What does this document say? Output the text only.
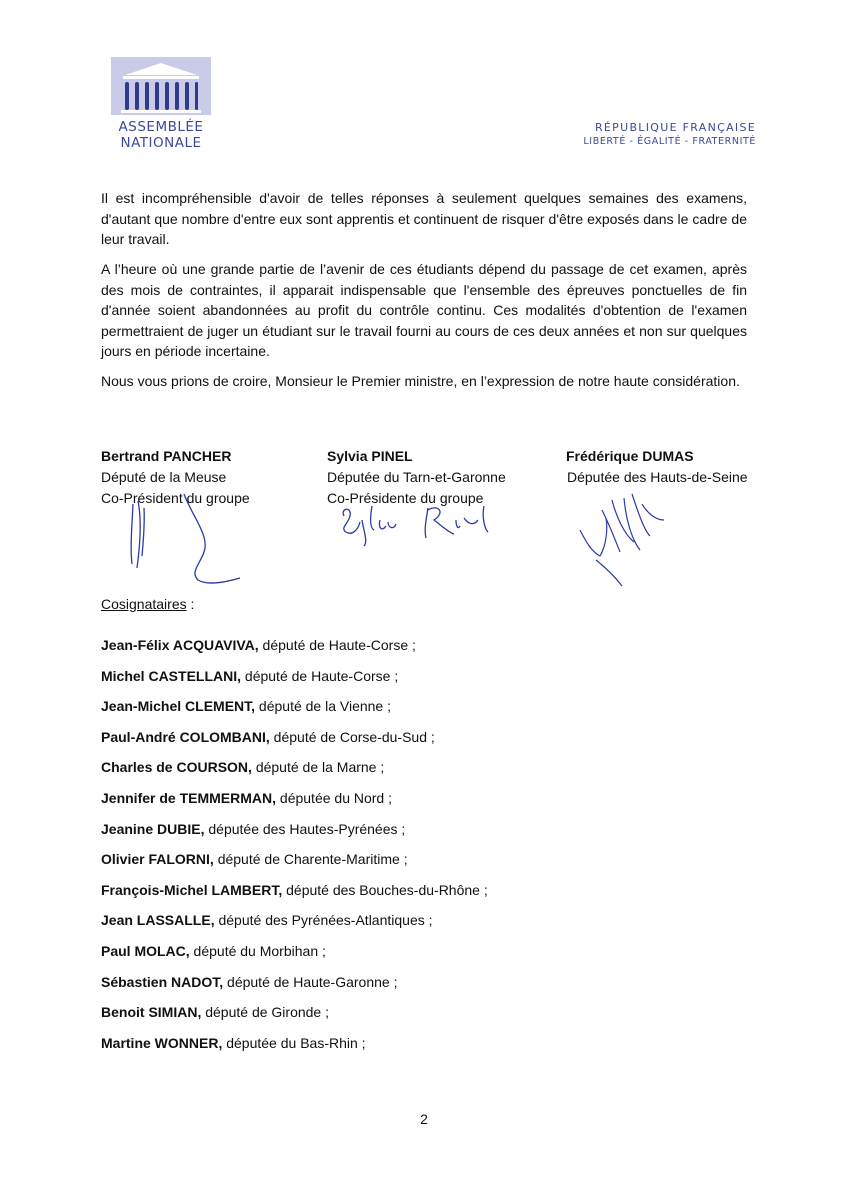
ASSEMBLÉE
NATIONALE
RÉPUBLIQUE FRANÇAISE
LIBERTÉ - ÉGALITÉ - FRATERNITÉ

Il est incompréhensible d'avoir de telles réponses à seulement quelques semaines des examens, d'autant que nombre d'entre eux sont apprentis et continuent de risquer d'être exposés dans le cadre de leur travail.

A l’heure où une grande partie de l’avenir de ces étudiants dépend du passage de cet examen, après des mois de contraintes, il apparait indispensable que l'ensemble des épreuves ponctuelles de fin d'année soient abandonnées au profit du contrôle continu. Ces modalités d'obtention de l'examen permettraient de juger un étudiant sur le travail fourni au cours de ces deux années et non sur quelques jours en période incertaine.

Nous vous prions de croire, Monsieur le Premier ministre, en l’expression de notre haute considération.

Bertrand PANCHER
Député de la Meuse
Co-Président du groupe
Sylvia PINEL
Députée du Tarn-et-Garonne
Co-Présidente du groupe
Frédérique DUMAS
Députée des Hauts-de-Seine
Cosignataires :
Jean-Félix ACQUAVIVA, député de Haute-Corse ;
Michel CASTELLANI, député de Haute-Corse ;
Jean-Michel CLEMENT, député de la Vienne ;
Paul-André COLOMBANI, député de Corse-du-Sud ;
Charles de COURSON, député de la Marne ;
Jennifer de TEMMERMAN, députée du Nord ;
Jeanine DUBIE, députée des Hautes-Pyrénées ;
Olivier FALORNI, député de Charente-Maritime ;
François-Michel LAMBERT, député des Bouches-du-Rhône ;
Jean LASSALLE, député des Pyrénées-Atlantiques ;
Paul MOLAC, député du Morbihan ;
Sébastien NADOT, député de Haute-Garonne ;
Benoit SIMIAN, député de Gironde ;
Martine WONNER, députée du Bas-Rhin ;
2
